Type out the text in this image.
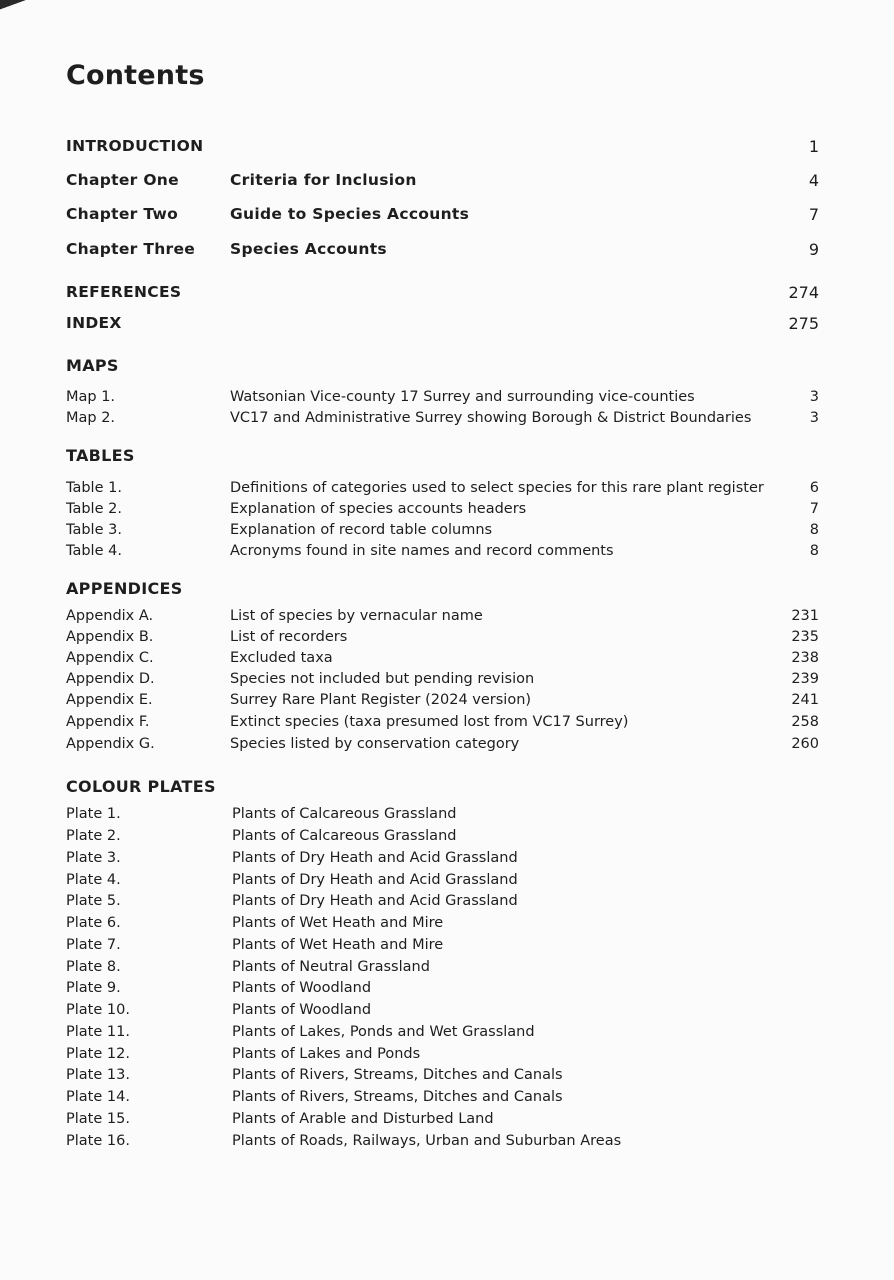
Contents
INTRODUCTION	1
Chapter One	Criteria for Inclusion	4
Chapter Two	Guide to Species Accounts	7
Chapter Three	Species Accounts	9
REFERENCES	274
INDEX	275
MAPS
Map 1.	Watsonian Vice-county 17 Surrey and surrounding vice-counties	3
Map 2.	VC17 and Administrative Surrey showing Borough & District Boundaries	3
TABLES
Table 1.	Definitions of categories used to select species for this rare plant register	6
Table 2.	Explanation of species accounts headers	7
Table 3.	Explanation of record table columns	8
Table 4.	Acronyms found in site names and record comments	8
APPENDICES
Appendix A.	List of species by vernacular name	231
Appendix B.	List of recorders	235
Appendix C.	Excluded taxa	238
Appendix D.	Species not included but pending revision	239
Appendix E.	Surrey Rare Plant Register (2024 version)	241
Appendix F.	Extinct species (taxa presumed lost from VC17 Surrey)	258
Appendix G.	Species listed by conservation category	260
COLOUR PLATES
Plate 1.	Plants of Calcareous Grassland
Plate 2.	Plants of Calcareous Grassland
Plate 3.	Plants of Dry Heath and Acid Grassland
Plate 4.	Plants of Dry Heath and Acid Grassland
Plate 5.	Plants of Dry Heath and Acid Grassland
Plate 6.	Plants of Wet Heath and Mire
Plate 7.	Plants of Wet Heath and Mire
Plate 8.	Plants of Neutral Grassland
Plate 9.	Plants of Woodland
Plate 10.	Plants of Woodland
Plate 11.	Plants of Lakes, Ponds and Wet Grassland
Plate 12.	Plants of Lakes and Ponds
Plate 13.	Plants of Rivers, Streams, Ditches and Canals
Plate 14.	Plants of Rivers, Streams, Ditches and Canals
Plate 15.	Plants of Arable and Disturbed Land
Plate 16.	Plants of Roads, Railways, Urban and Suburban Areas
